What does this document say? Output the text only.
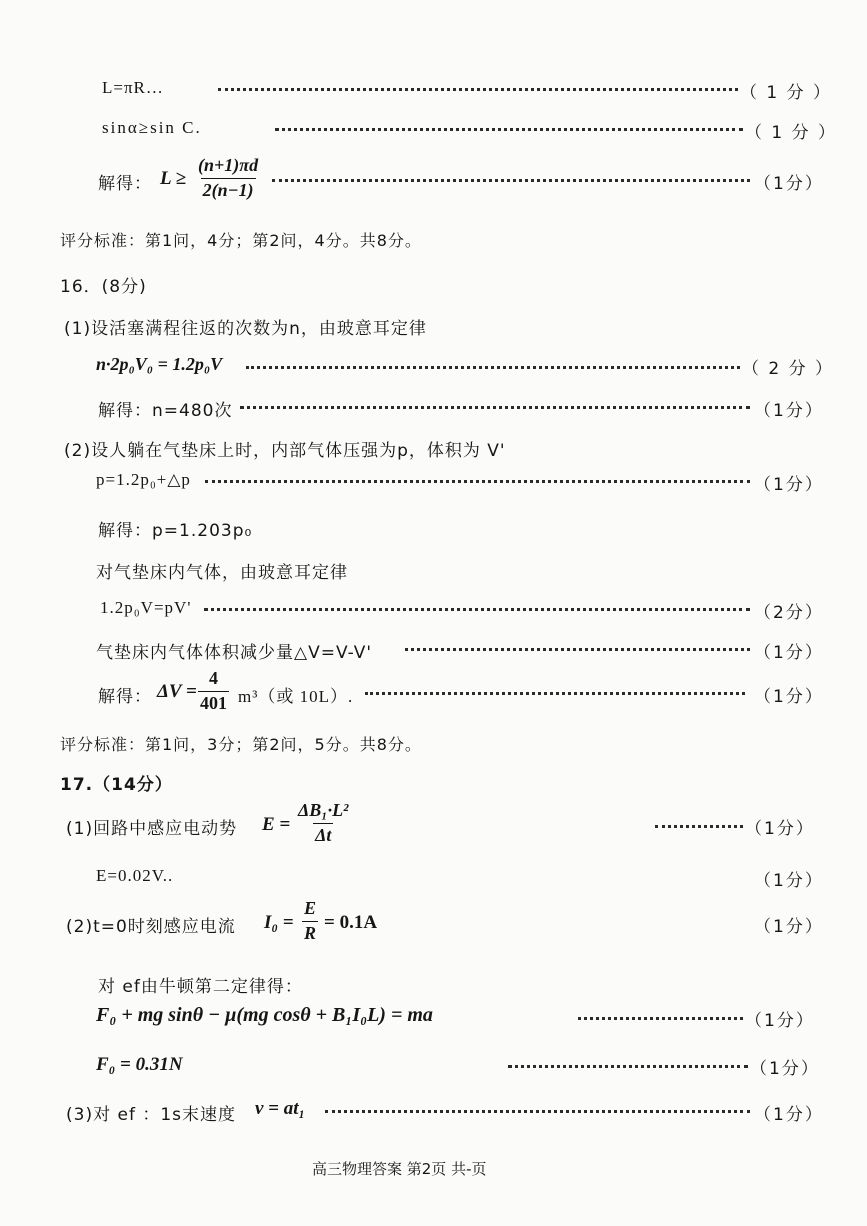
L=πR…	（ 1 分 ）
sinα≥sin C.	（ 1 分 ）
解得： $L \ge \frac{(n+1)\pi d}{2(n-1)}$	（1分）
评分标准：第1问，4分；第2问，4分。共8分。
16．(8分)
(1)设活塞满程往返的次数为n，由玻意耳定律
n·2p₀V₀ = 1.2p₀V	（ 2 分 ）
解得：n=480次	（1分）
(2)设人躺在气垫床上时，内部气体压强为p，体积为 V'
p=1.2p₀+△p	（1分）
解得：p=1.203p₀
对气垫床内气体，由玻意耳定律
1.2p₀V=pV'	（2分）
气垫床内气体体积减少量△V=V-V'	（1分）
解得： $\Delta V = \frac{4}{401} m^3$（或 10L）.	（1分）
评分标准：第1问，3分；第2问，5分。共8分。
17.（14分）
(1)回路中感应电动势 $E = \frac{\text{ΔB₁·L²}}{\Delta t}$	（1分）
E=0.02V..	（1分）
(2)t=0时刻感应电流 $I_0 = \frac{E}{R} = 0.1A$	（1分）
对 ef由牛顿第二定律得：
F₀ + mg sinθ − μ(mg cosθ + B₁I₀L) = ma	（1分）
F₀ = 0.31N	（1分）
(3)对 ef ：1s末速度 v = at₁	（1分）
高三物理答案 第2页 共-页
